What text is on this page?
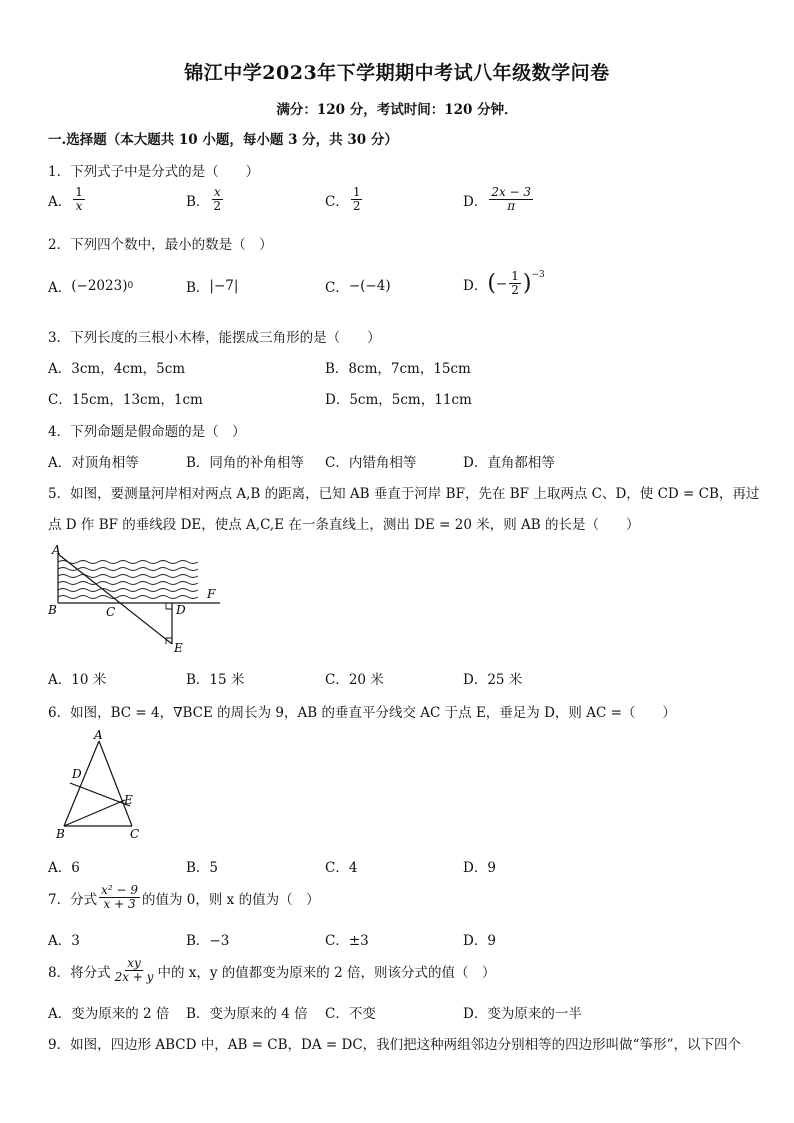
锦江中学2023年下学期期中考试八年级数学问卷
满分：120 分，考试时间：120 分钟．
一.选择题（本大题共 10 小题，每小题 3 分，共 30 分）
1．下列式子中是分式的是（　　）
A． $\frac{1}{x}$	B． $\frac{x}{2}$	C． $\frac{1}{2}$	D． $\frac{2x - 3}{\pi}$
2．下列四个数中，最小的数是（　）
A． ( −2023 ) 0	B． |−7|	C． −(−4)	D． ( − $\frac{1}{2} )^{-3}$
3．下列长度的三根小木棒，能摆成三角形的是（　　）
A．3cm，4cm，5cm	B．8cm，7cm，15cm
C．15cm，13cm，1cm	D．5cm，5cm，11cm
4．下列命题是假命题的是（　）
A．对顶角相等	B．同角的补角相等 C．内错角相等	D．直角都相等
5．如图，要测量河岸相对两点 A,B 的距离，已知 AB 垂直于河岸 BF，先在 BF 上取两点 C、D，使 CD = CB，再过
点 D 作 BF 的垂线段 DE，使点 A,C,E 在一条直线上，测出 DE = 20 米，则 AB 的长是（　　）
A
B	C	D
E
F
A．10 米	B．15 米	C．20 米	D．25 米
6．如图，BC = 4，∇BCE 的周长为 9，AB 的垂直平分线交 AC 于点 E，垂足为 D，则 AC =（　　）
A
D
E
B	C
A．6	B．5	C．4	D．9
7．分式 $\frac{\text{x² − 9}}{x + 3}$ 的值为 0，则 x 的值为（　）
A．3	B．−3	C．±3	D．9
8．将分式 $\frac{xy}{2x + y}$ 中的 x，y 的值都变为原来的 2 倍，则该分式的值（　）
A．变为原来的 2 倍 B．变为原来的 4 倍 C．不变	D．变为原来的一半
9．如图，四边形 ABCD 中，AB = CB，DA = DC，我们把这种两组邻边分别相等的四边形叫做“筝形”，以下四个
